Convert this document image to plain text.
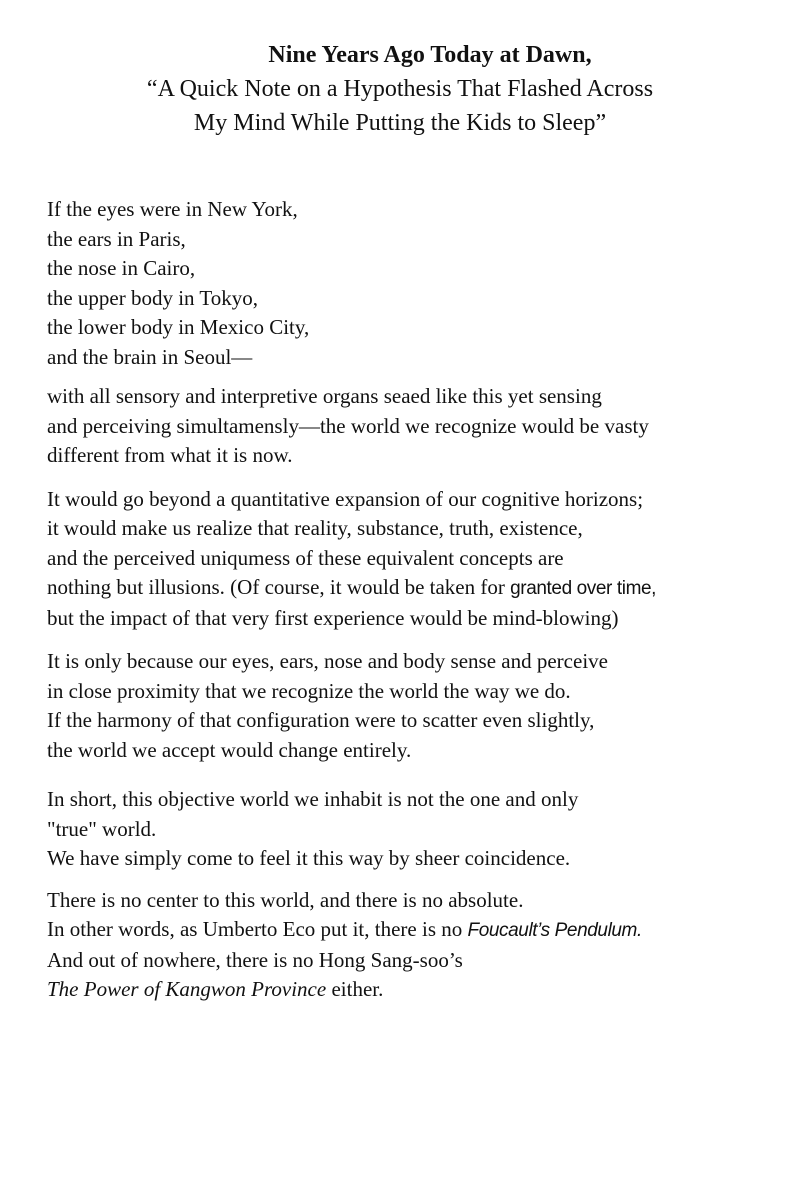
Nine Years Ago Today at Dawn,
“A Quick Note on a Hypothesis That Flashed Across
My Mind While Putting the Kids to Sleep”
If the eyes were in New York,
the ears in Paris,
the nose in Cairo,
the upper body in Tokyo,
the lower body in Mexico City,
and the brain in Seoul—
with all sensory and interpretive organs seaed like this yet sensing
and perceiving simultamensly—the world we recognize would be vasty
different from what it is now.
It would go beyond a quantitative expansion of our cognitive horizons;
it would make us realize that reality, substance, truth, existence,
and the perceived uniqumess of these equivalent concepts are
nothing but illusions. (Of course, it would be taken for granted over time,
but the impact of that very first experience would be mind-blowing)
It is only because our eyes, ears, nose and body sense and perceive
in close proximity that we recognize the world the way we do.
If the harmony of that configuration were to scatter even slightly,
the world we accept would change entirely.
In short, this objective world we inhabit is not the one and only
"true" world.
We have simply come to feel it this way by sheer coincidence.
There is no center to this world, and there is no absolute.
In other words, as Umberto Eco put it, there is no Foucault’s Pendulum.
And out of nowhere, there is no Hong Sang-soo’s
The Power of Kangwon Province either.
